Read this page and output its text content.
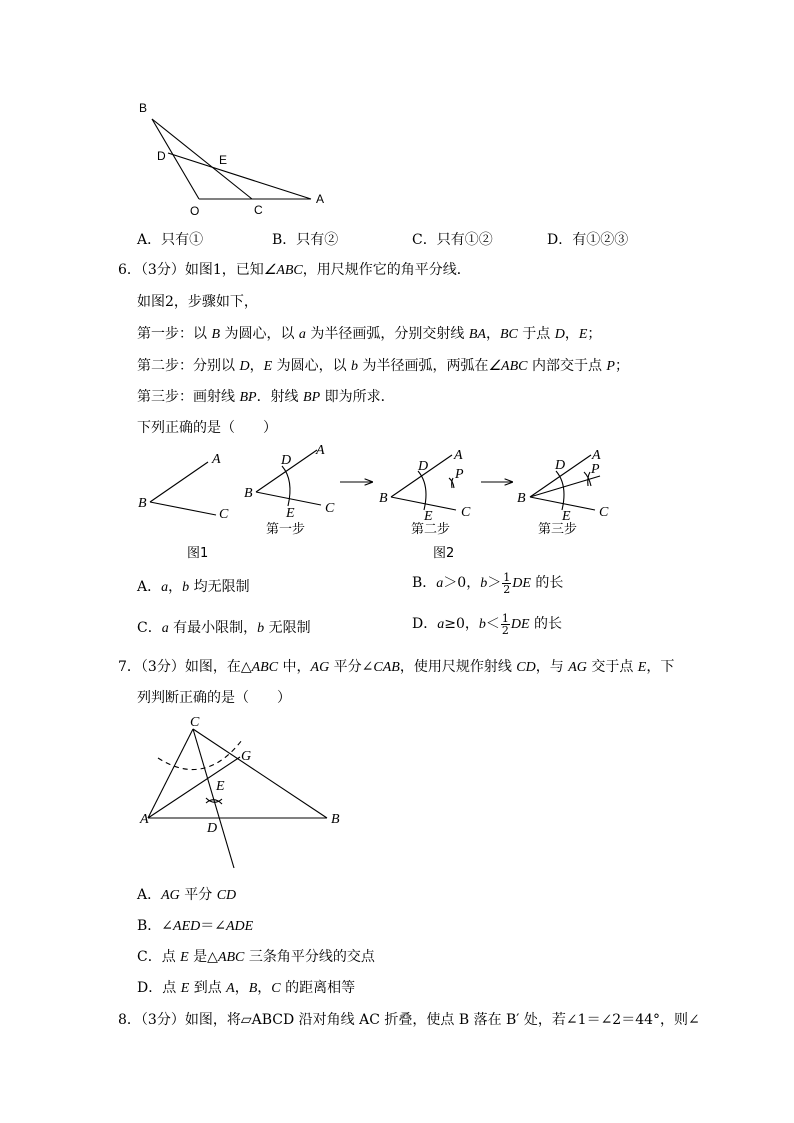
B
D	E
O	C
A
A．只有①	B．只有②	C．只有①②	D．有①②③
6．（3分）如图1，已知∠ABC，用尺规作它的角平分线．
如图2，步骤如下，
第一步：以 B 为圆心，以 a 为半径画弧，分别交射线 BA，BC 于点 D，E；
第二步：分别以 D，E 为圆心，以 b 为半径画弧，两弧在∠ABC 内部交于点 P；
第三步：画射线 BP．射线 BP 即为所求．
下列正确的是（　　）
A
B
C
D
A
B
E C
D
A
P
B
E C
D
A
P
B
E C
第一步	第二步	第三步
图1	图2
A．a，b 均无限制	B．a＞0，$b> \frac{1}{2}$ DE 的长
C．a 有最小限制，b 无限制	D．a≥0，$b< \frac{1}{2}$ DE 的长
7．（3分）如图，在△ABC 中，AG 平分∠CAB，使用尺规作射线 CD，与 AG 交于点 E，下
列判断正确的是（　　）
C
G
E
A
D
B
A．AG 平分 CD
B．∠AED＝∠ADE
C．点 E 是△ABC 三条角平分线的交点
D．点 E 到点 A，B，C 的距离相等
8．（3分）如图，将▱ABCD 沿对角线 AC 折叠，使点 B 落在 B′ 处，若∠1＝∠2＝44°，则∠
